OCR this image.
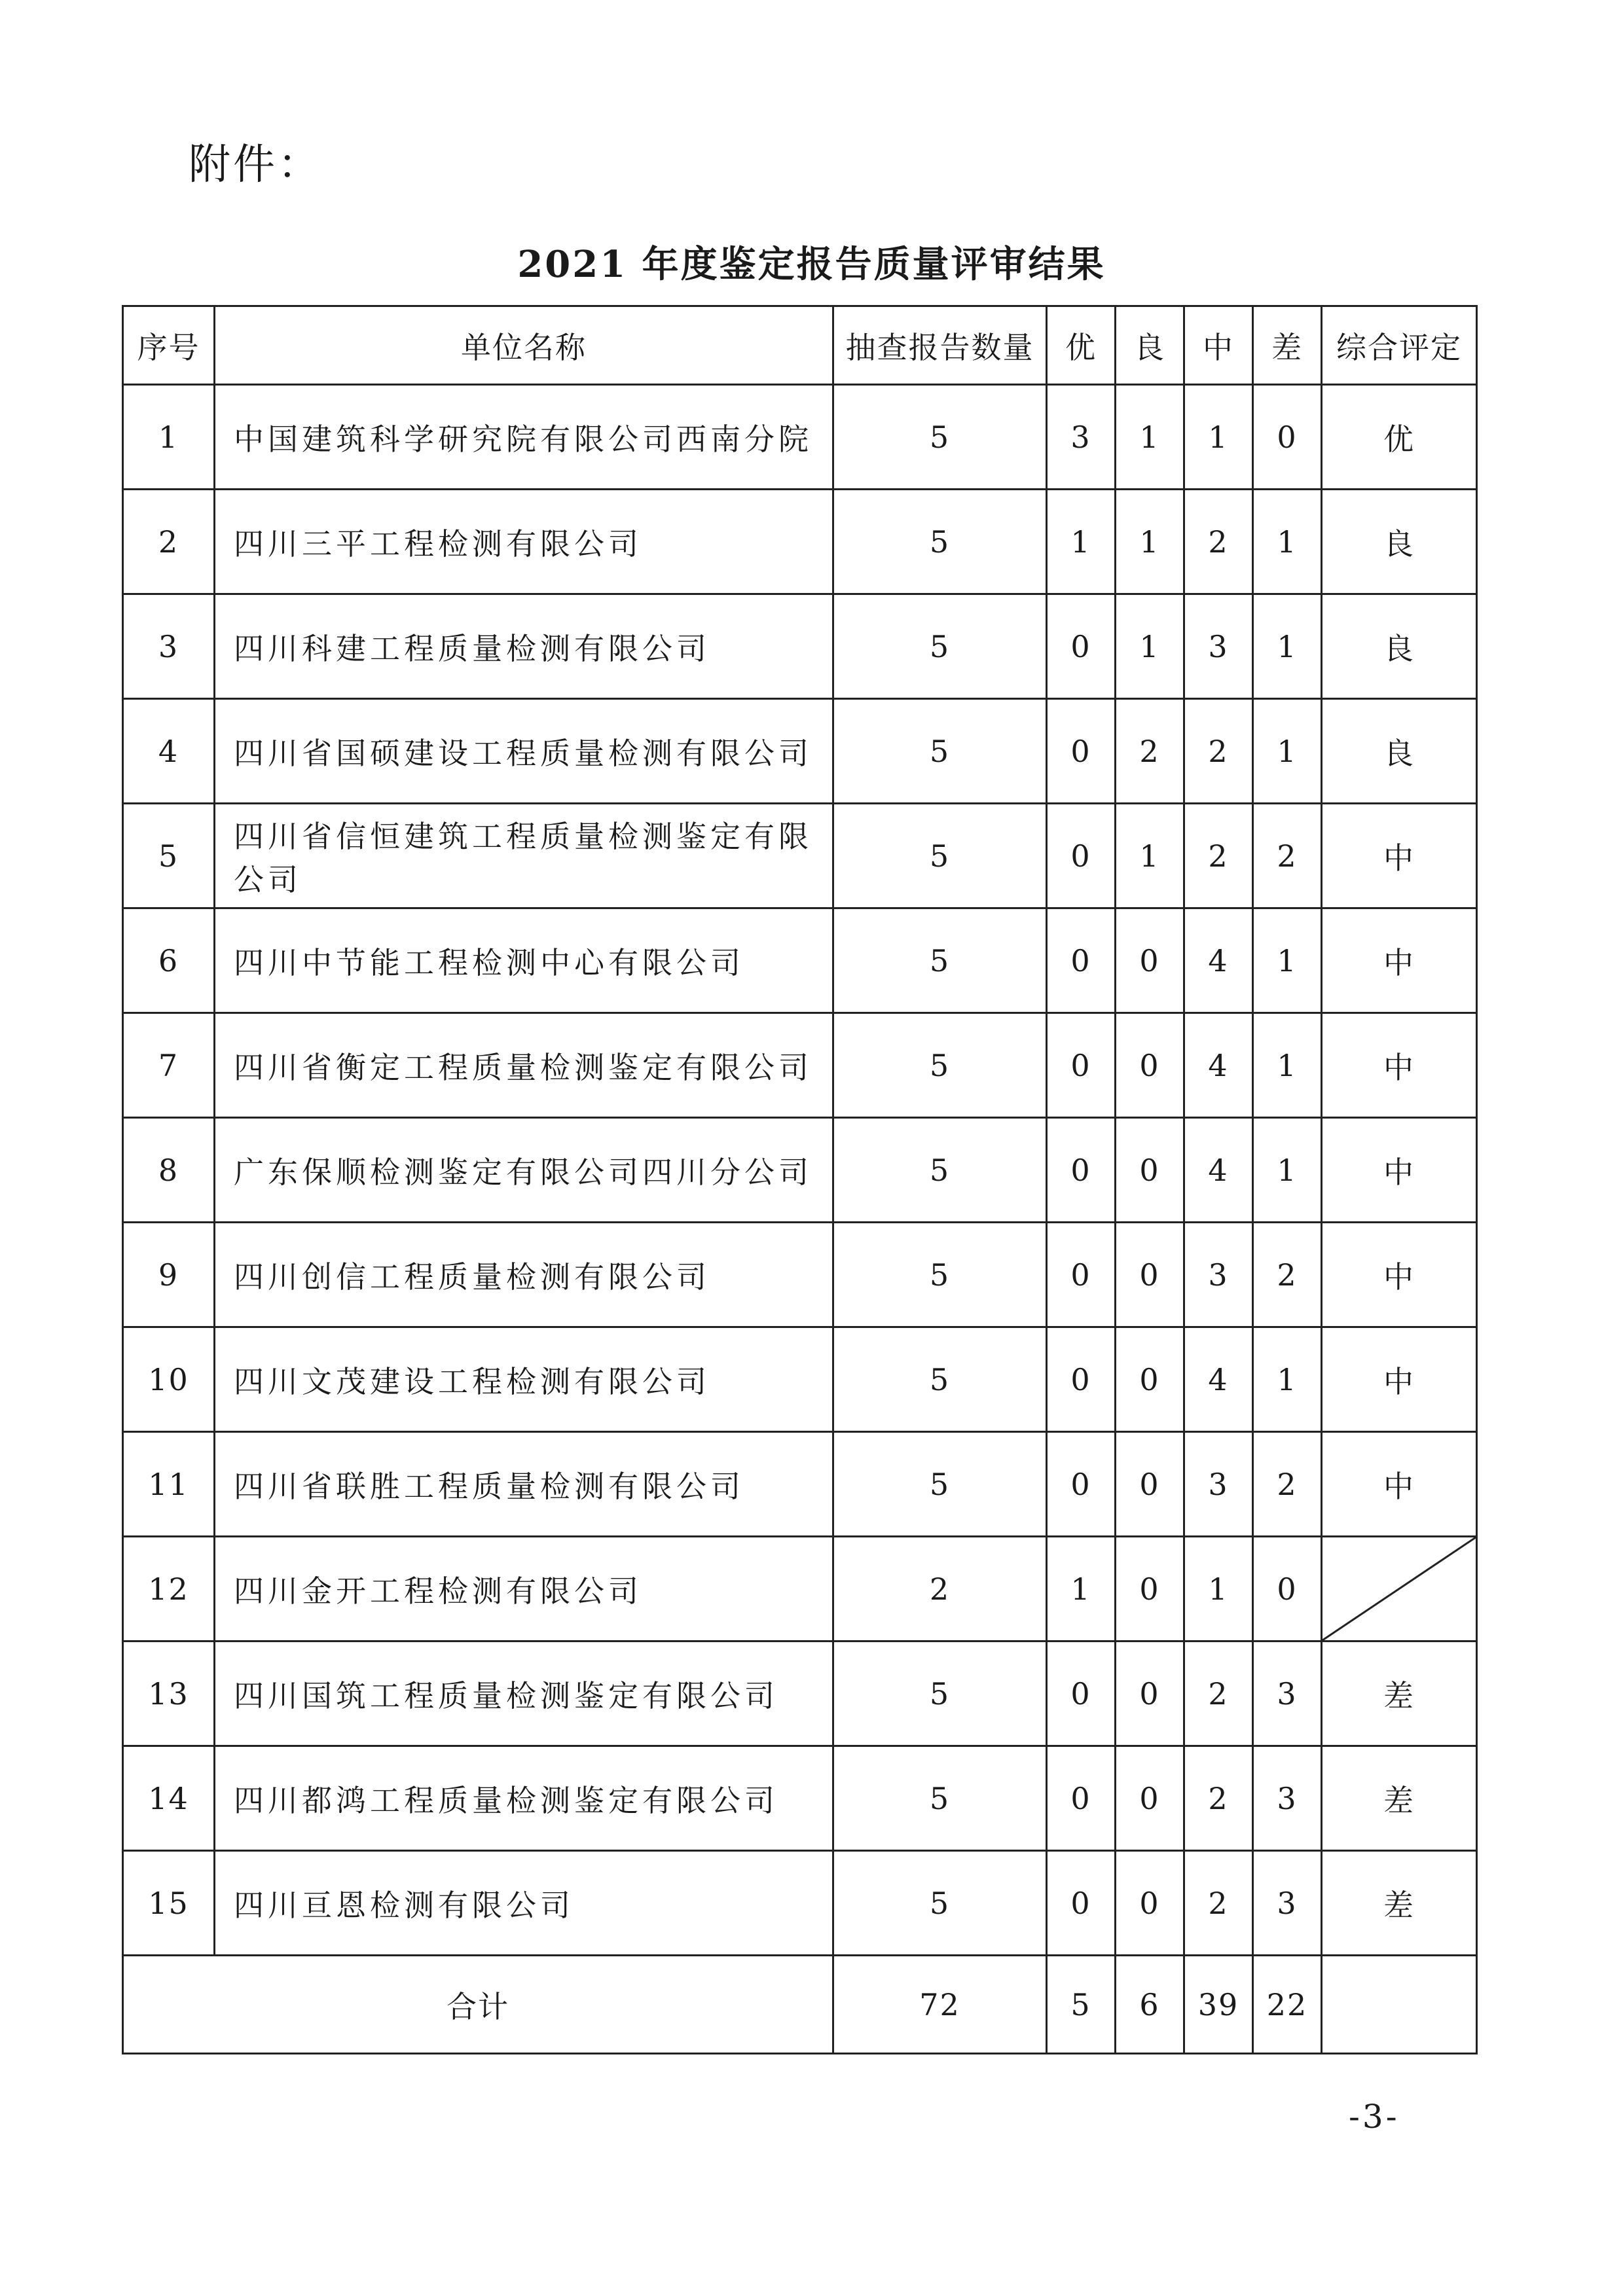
附件：
2021 年度鉴定报告质量评审结果
序号	单位名称	抽查报告数量	优	良	中	差	综合评定
1	中国建筑科学研究院有限公司西南分院	5	3	1	1	0	优
2	四川三平工程检测有限公司	5	1	1	2	1	良
3	四川科建工程质量检测有限公司	5	0	1	3	1	良
4	四川省国硕建设工程质量检测有限公司	5	0	2	2	1	良
5	四川省信恒建筑工程质量检测鉴定有限公司	5	0	1	2	2	中
6	四川中节能工程检测中心有限公司	5	0	0	4	1	中
7	四川省衡定工程质量检测鉴定有限公司	5	0	0	4	1	中
8	广东保顺检测鉴定有限公司四川分公司	5	0	0	4	1	中
9	四川创信工程质量检测有限公司	5	0	0	3	2	中
10	四川文茂建设工程检测有限公司	5	0	0	4	1	中
11	四川省联胜工程质量检测有限公司	5	0	0	3	2	中
12	四川金开工程检测有限公司	2	1	0	1	0	

13	四川国筑工程质量检测鉴定有限公司	5	0	0	2	3	差
14	四川都鸿工程质量检测鉴定有限公司	5	0	0	2	3	差
15	四川亘恩检测有限公司	5	0	0	2	3	差
合计		72	5	6	39	22	
-3-
